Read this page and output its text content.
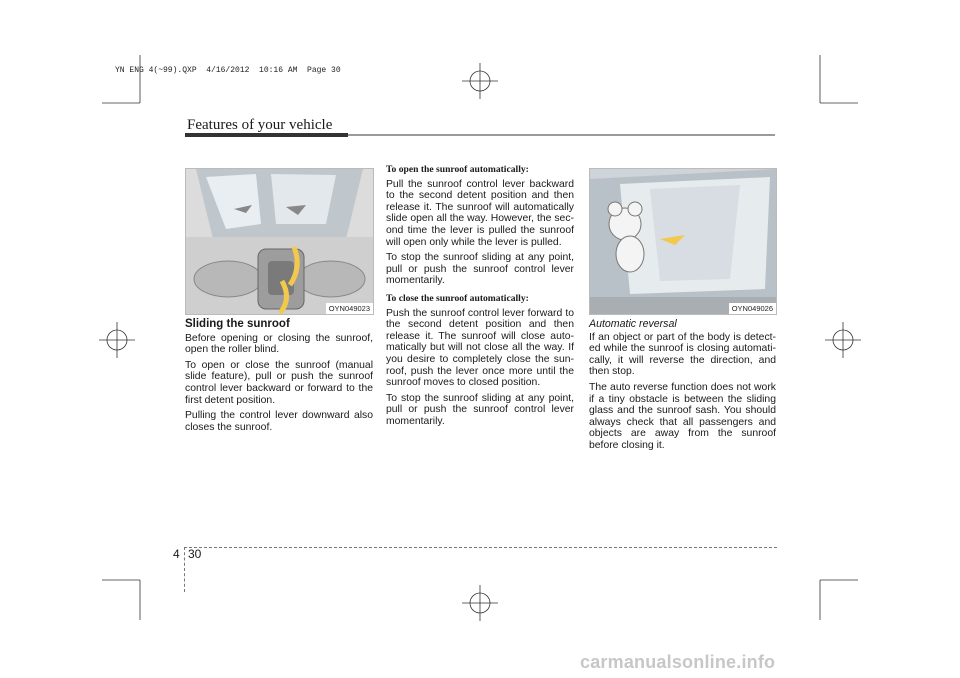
YN ENG 4(~99).QXP  4/16/2012  10:16 AM  Page 30
Features of your vehicle
OYN049023	OYN049026
Sliding the sunroof

Before opening or closing the sunroof, open the roller blind.

To open or close the sunroof (manual slide feature), pull or push the sunroof control lever backward or forward to the first detent position.

Pulling the control lever downward also closes the sunroof.

To open the sunroof automatically:

Pull the sunroof control lever backward to the second detent position and then release it. The sunroof will automatically slide open all the way. However, the sec- ond time the lever is pulled the sunroof will open only while the lever is pulled.

To stop the sunroof sliding at any point, pull or push the sunroof control lever momentarily.

To close the sunroof automatically:

Push the sunroof control lever forward to the second detent position and then release it. The sunroof will close auto- matically but will not close all the way. If you desire to completely close the sun- roof, push the lever once more until the sunroof moves to closed position.

To stop the sunroof sliding at any point, pull or push the sunroof control lever momentarily.

Automatic reversal

If an object or part of the body is detect- ed while the sunroof is closing automati- cally, it will reverse the direction, and then stop.

The auto reverse function does not work if a tiny obstacle is between the sliding glass and the sunroof sash. You should always check that all passengers and objects are away from the sunroof before closing it.

4 30
carmanualsonline.info
